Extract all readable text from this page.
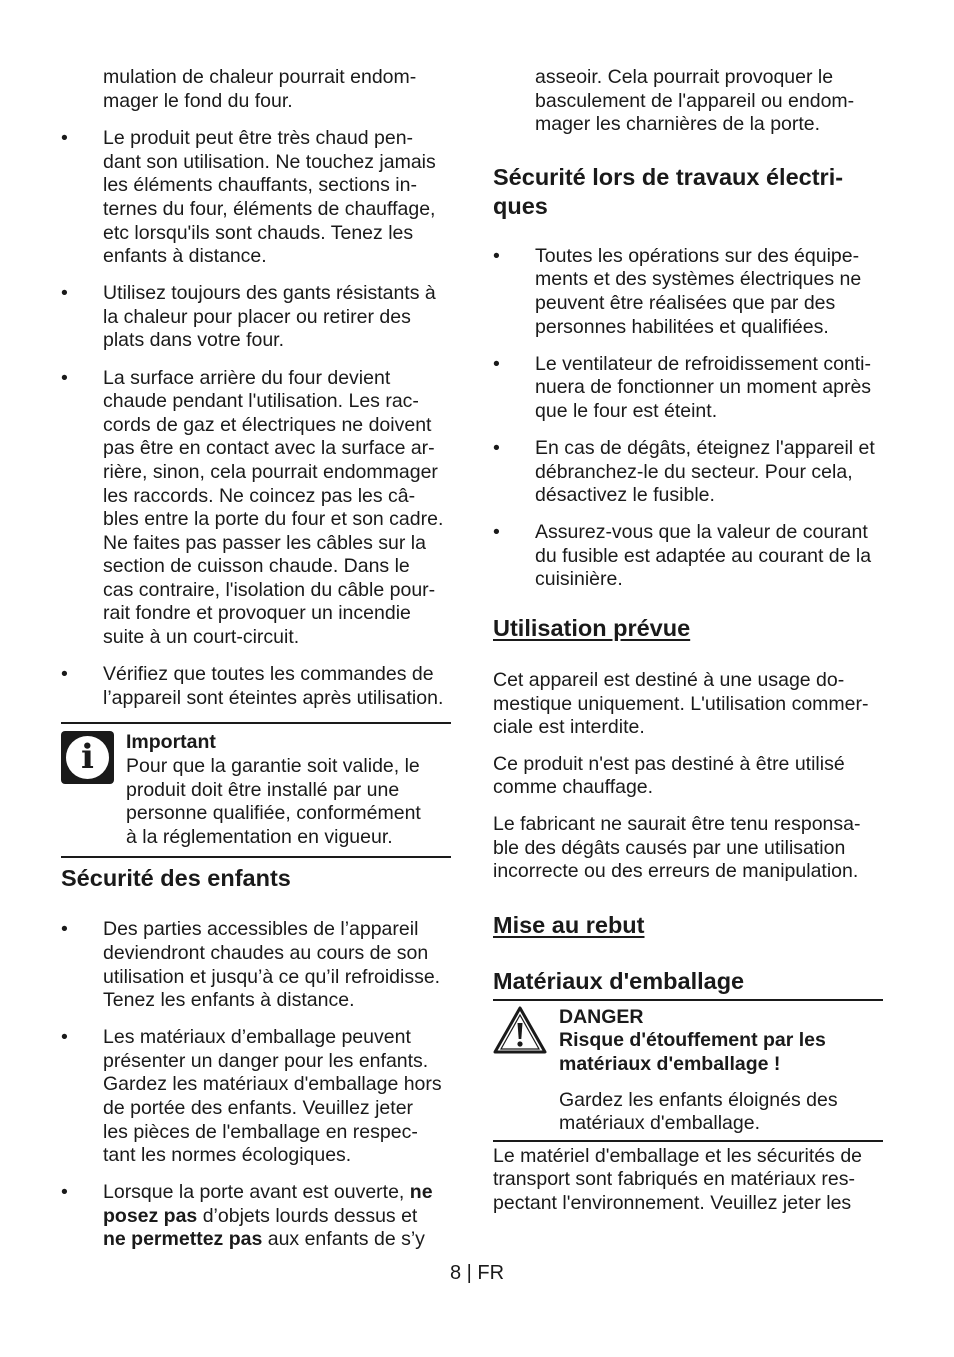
mulation de chaleur pourrait endom-
mager le fond du four.

• Le produit peut être très chaud pen-
dant son utilisation. Ne touchez jamais
les éléments chauffants, sections in-
ternes du four, éléments de chauffage,
etc lorsqu'ils sont chauds. Tenez les
enfants à distance.
• Utilisez toujours des gants résistants à
la chaleur pour placer ou retirer des
plats dans votre four.
• La surface arrière du four devient
chaude pendant l'utilisation. Les rac-
cords de gaz et électriques ne doivent
pas être en contact avec la surface ar-
rière, sinon, cela pourrait endommager
les raccords. Ne coincez pas les câ-
bles entre la porte du four et son cadre.
Ne faites pas passer les câbles sur la
section de cuisson chaude. Dans le
cas contraire, l'isolation du câble pour-
rait fondre et provoquer un incendie
suite à un court-circuit.
• Vérifiez que toutes les commandes de
l’appareil sont éteintes après utilisation.
i	Important

Pour que la garantie soit valide, le
produit doit être installé par une
personne qualifiée, conformément
à la réglementation en vigueur.

Sécurité des enfants
• Des parties accessibles de l’appareil
deviendront chaudes au cours de son
utilisation et jusqu’à ce qu’il refroidisse.
Tenez les enfants à distance.
• Les matériaux d’emballage peuvent
présenter un danger pour les enfants.
Gardez les matériaux d'emballage hors
de portée des enfants. Veuillez jeter
les pièces de l'emballage en respec-
tant les normes écologiques.
• Lorsque la porte avant est ouverte, ne
posez pas d’objets lourds dessus et
ne permettez pas aux enfants de s’y

asseoir. Cela pourrait provoquer le
basculement de l'appareil ou endom-
mager les charnières de la porte.

Sécurité lors de travaux électri-
ques
• Toutes les opérations sur des équipe-
ments et des systèmes électriques ne
peuvent être réalisées que par des
personnes habilitées et qualifiées.
• Le ventilateur de refroidissement conti-
nuera de fonctionner un moment après
que le four est éteint.
• En cas de dégâts, éteignez l'appareil et
débranchez-le du secteur. Pour cela,
désactivez le fusible.
• Assurez-vous que la valeur de courant
du fusible est adaptée au courant de la
cuisinière.
Utilisation prévue

Cet appareil est destiné à une usage do-
mestique uniquement. L'utilisation commer-
ciale est interdite.

Ce produit n'est pas destiné à être utilisé
comme chauffage.

Le fabricant ne saurait être tenu responsa-
ble des dégâts causés par une utilisation
incorrecte ou des erreurs de manipulation.

Mise au rebut
Matériaux d'emballage

DANGER

Risque d'étouffement par les
matériaux d'emballage !

Gardez les enfants éloignés des
matériaux d'emballage.

Le matériel d'emballage et les sécurités de
transport sont fabriqués en matériaux res-
pectant l'environnement. Veuillez jeter les

8 | FR
